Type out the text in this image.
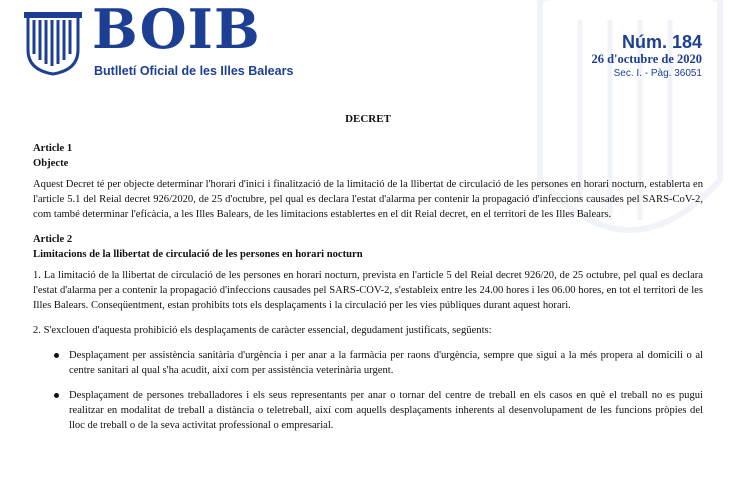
BOIB
Butlletí Oficial de les Illes Balears
Núm. 184
26 d'octubre de 2020
Sec. I. - Pàg. 36051
DECRET
Article 1
Objecte

Aquest Decret té per objecte determinar l'horari d'inici i finalització de la limitació de la llibertat de circulació de les persones en horari nocturn, establerta en l'article 5.1 del Reial decret 926/2020, de 25 d'octubre, pel qual es declara l'estat d'alarma per contenir la propagació d'infeccions causades pel SARS-CoV-2, com també determinar l'eficàcia, a les Illes Balears, de les limitacions establertes en el dit Reial decret, en el territori de les Illes Balears.

Article 2
Limitacions de la llibertat de circulació de les persones en horari nocturn

1. La limitació de la llibertat de circulació de les persones en horari nocturn, prevista en l'article 5 del Reial decret 926/20, de 25 octubre, pel qual es declara l'estat d'alarma per a contenir la propagació d'infeccions causades pel SARS-COV-2, s'estableix entre les 24.00 hores i les 06.00 hores, en tot el territori de les Illes Balears. Conseqüentment, estan prohibits tots els desplaçaments i la circulació per les vies públiques durant aquest horari.

2. S'exclouen d'aquesta prohibició els desplaçaments de caràcter essencial, degudament justificats, següents:

Desplaçament per assistència sanitària d'urgència i per anar a la farmàcia per raons d'urgència, sempre que sigui a la més propera al domicili o al centre sanitari al qual s'ha acudit, així com per assistència veterinària urgent.
Desplaçament de persones treballadores i els seus representants per anar o tornar del centre de treball en els casos en què el treball no es pugui realitzar en modalitat de treball a distància o teletreball, així com aquells desplaçaments inherents al desenvolupament de les funcions pròpies del lloc de treball o de la seva activitat professional o empresarial.
